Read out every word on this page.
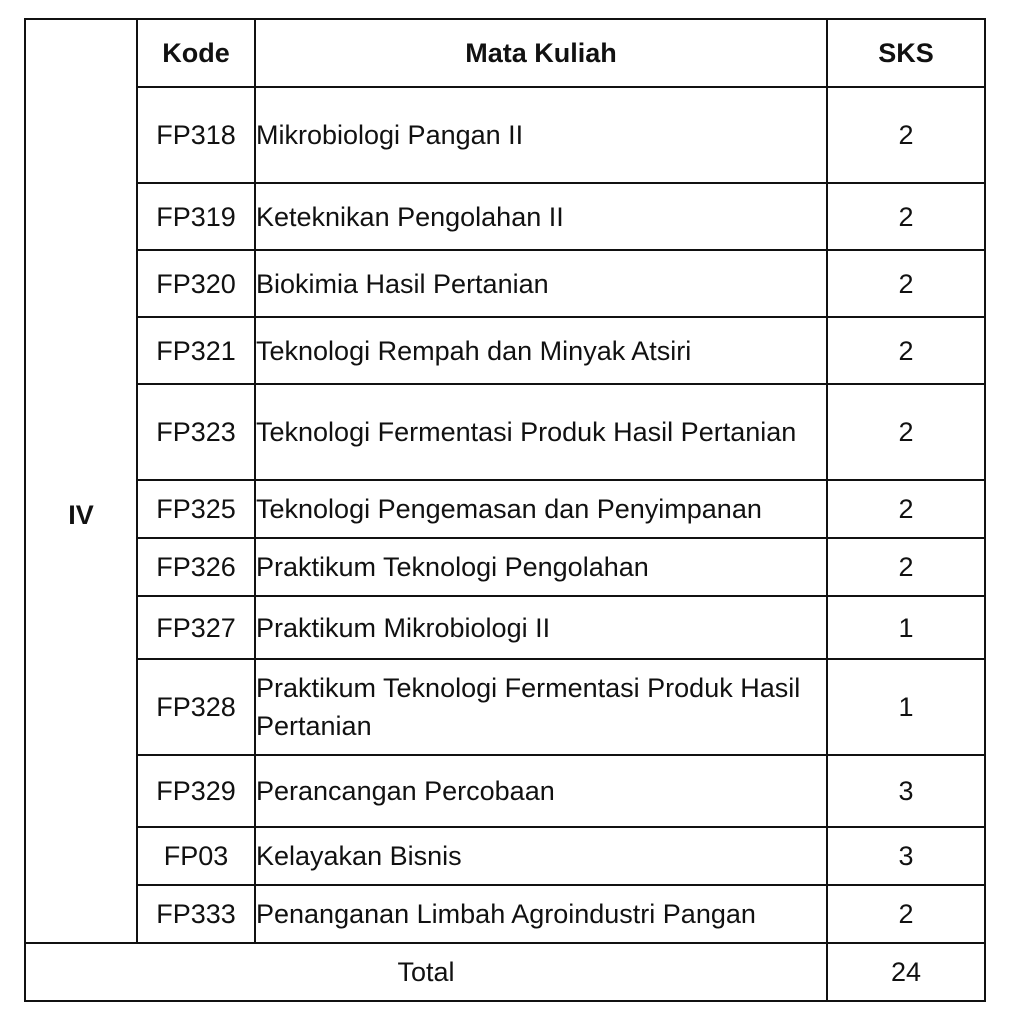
	Kode	Mata Kuliah	SKS
IV	FP318	Mikrobiologi Pangan II	2
	FP319	Keteknikan Pengolahan II	2
	FP320	Biokimia Hasil Pertanian	2
	FP321	Teknologi Rempah dan Minyak Atsiri	2
	FP323	Teknologi Fermentasi Produk Hasil Pertanian	2
	FP325	Teknologi Pengemasan dan Penyimpanan	2
	FP326	Praktikum Teknologi Pengolahan	2
	FP327	Praktikum Mikrobiologi II	1
	FP328	Praktikum Teknologi Fermentasi Produk Hasil Pertanian	1
	FP329	Perancangan Percobaan	3
	FP03	Kelayakan Bisnis	3
	FP333	Penanganan Limbah Agroindustri Pangan	2
Total			24
